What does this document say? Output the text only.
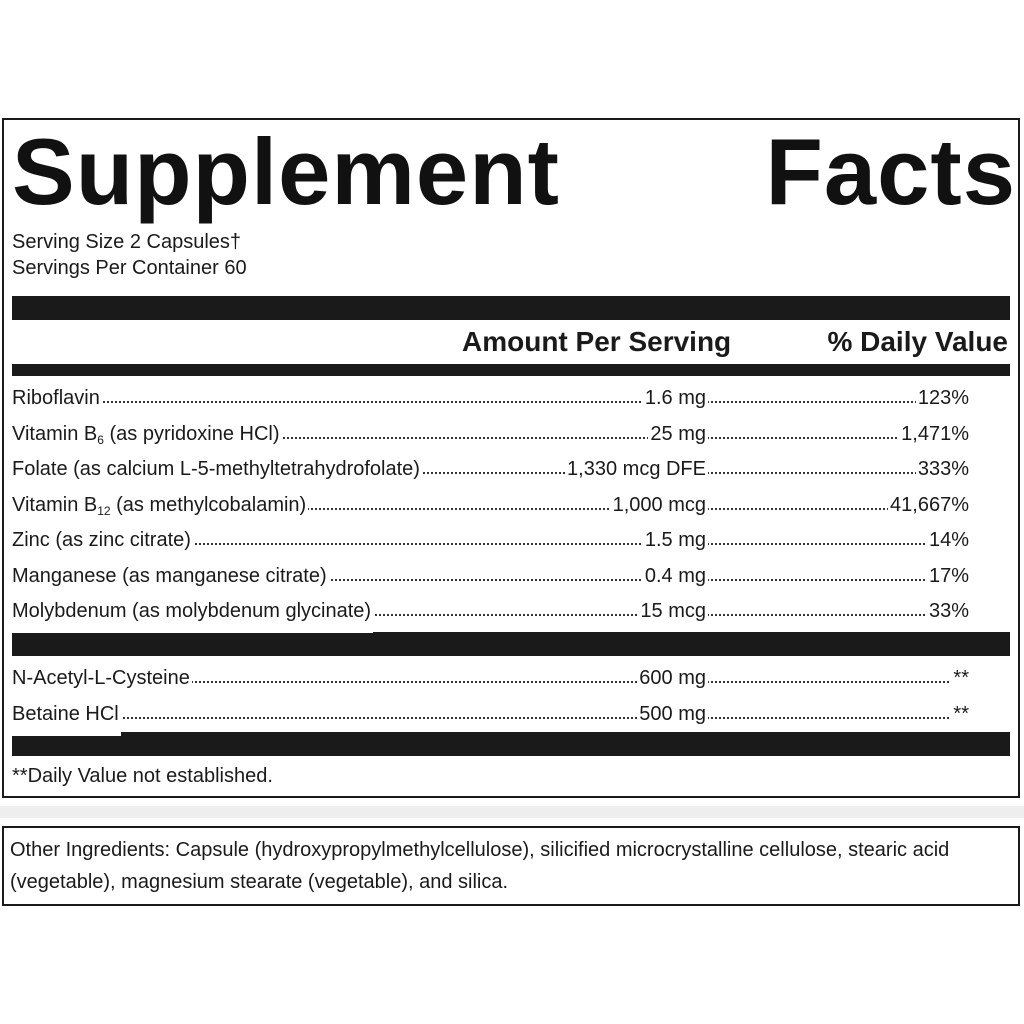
Supplement Facts
Serving Size 2 Capsules†
Servings Per Container 60
Amount Per Serving	% Daily Value
Riboflavin	1.6 mg	123%
Vitamin $B_6$ (as pyridoxine HCl)	25 mg	1,471%
Folate (as calcium L-5-methyltetrahydrofolate)	1,330 mcg DFE	333%
Vitamin $B_{12}$ (as methylcobalamin)	1,000 mcg	41,667%
Zinc (as zinc citrate)	1.5 mg	14%
Manganese (as manganese citrate)	0.4 mg	17%
Molybdenum (as molybdenum glycinate)	15 mcg	33%
N-Acetyl-L-Cysteine	600 mg	**
Betaine HCl	500 mg	**
**Daily Value not established.
Other Ingredients: Capsule (hydroxypropylmethylcellulose), silicified microcrystalline cellulose, stearic acid (vegetable), magnesium stearate (vegetable), and silica.
